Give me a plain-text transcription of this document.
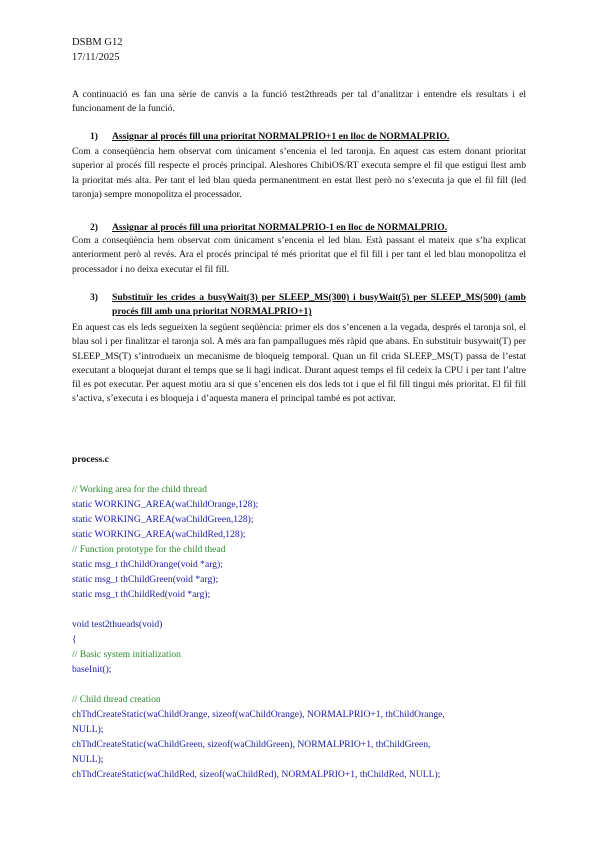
DSBM G12
17/11/2025
A continuació es fan una sèrie de canvis a la funció test2threads per tal d’analitzar i entendre els resultats i el funcionament de la funció.
1) Assignar al procés fill una prioritat NORMALPRIO+1 en lloc de NORMALPRIO.
Com a conseqüència hem observat com únicament s’encenia el led taronja. En aquest cas estem donant prioritat superior al procés fill respecte el procés principal. Aleshores ChibiOS/RT executa sempre el fil que estigui llest amb la prioritat més alta. Per tant el led blau queda permanentment en estat llest però no s’executa ja que el fil fill (led taronja) sempre monopolitza el processador.
2) Assignar al procés fill una prioritat NORMALPRIO-1 en lloc de NORMALPRIO.
Com a conseqüència hem observat com únicament s’encenia el led blau. Està passant el mateix que s’ha explicat anteriorment però al revés. Ara el procés principal té més prioritat que el fil fill i per tant el led blau monopolitza el processador i no deixa executar el fil fill.
3)	Substituïr les crides a busyWait(3) per SLEEP_MS(300) i busyWait(5) per SLEEP_MS(500) (amb procés fill amb una prioritat NORMALPRIO+1)
En aquest cas els leds segueixen la següent seqüència: primer els dos s’encenen a la vegada, després el taronja sol, el blau sol i per finalitzar el taronja sol. A més ara fan pampallugues més ràpid que abans. En substituir busywait(T) per SLEEP_MS(T) s’introdueix un mecanisme de bloqueig temporal. Quan un fil crida SLEEP_MS(T) passa de l’estat executant a bloquejat durant el temps que se li hagi indicat. Durant aquest temps el fil cedeix la CPU i per tant l’altre fil es pot executar. Per aquest motiu ara si que s’encenen els dos leds tot i que el fil fill tingui més prioritat. El fil fill s’activa, s’executa i es bloqueja i d’aquesta manera el principal també es pot activar.
process.c
// Working area for the child thread
static WORKING_AREA(waChildOrange,128);
static WORKING_AREA(waChildGreen,128);
static WORKING_AREA(waChildRed,128);
// Function prototype for the child thead
static msg_t thChildOrange(void *arg);
static msg_t thChildGreen(void *arg);
static msg_t thChildRed(void *arg);

void test2thueads(void)
{
// Basic system initialization
baseInit();

// Child thread creation
chThdCreateStatic(waChildOrange, sizeof(waChildOrange), NORMALPRIO+1, thChildOrange,
NULL);
chThdCreateStatic(waChildGreen, sizeof(waChildGreen), NORMALPRIO+1, thChildGreen,
NULL);
chThdCreateStatic(waChildRed, sizeof(waChildRed), NORMALPRIO+1, thChildRed, NULL);
